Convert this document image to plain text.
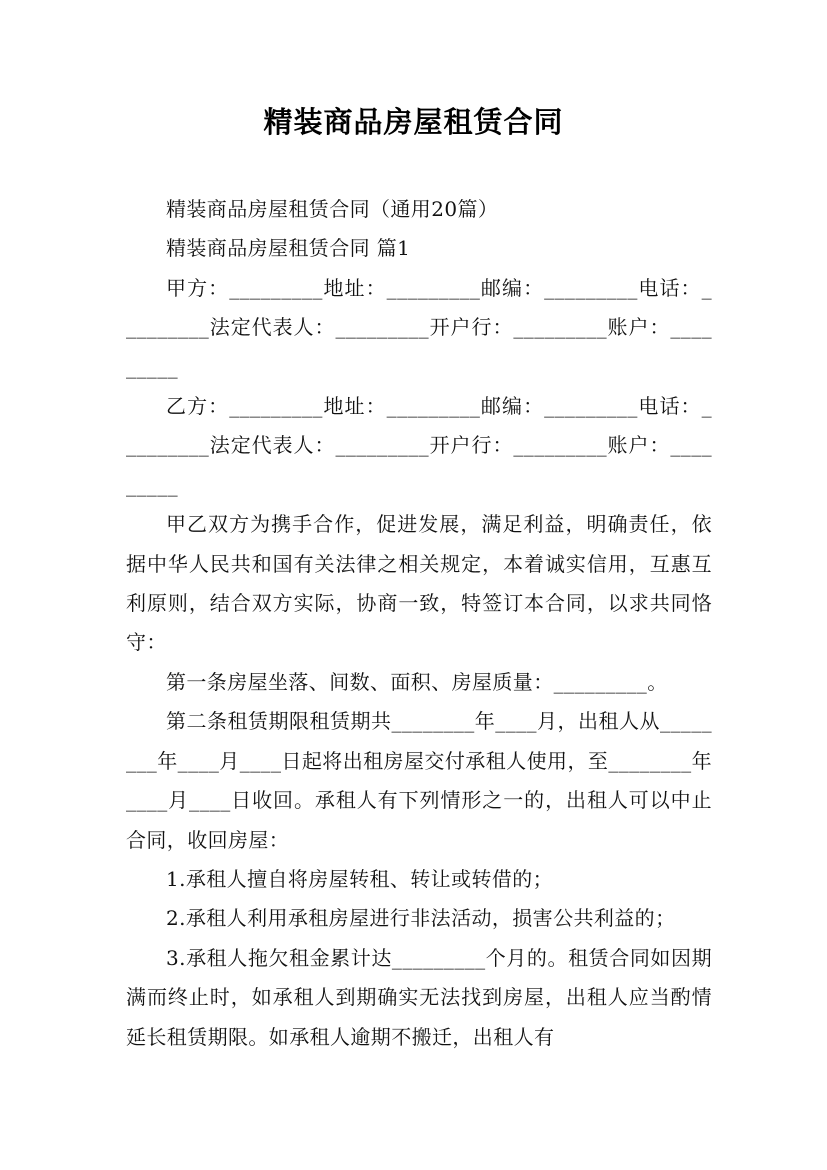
精装商品房屋租赁合同

精装商品房屋租赁合同（通用20篇）

精装商品房屋租赁合同 篇1

甲方：_________地址：_________邮编：_________电话：_________法定代表人：_________开户行：_________账户：_________

乙方：_________地址：_________邮编：_________电话：_________法定代表人：_________开户行：_________账户：_________

甲乙双方为携手合作，促进发展，满足利益，明确责任，依据中华人民共和国有关法律之相关规定，本着诚实信用，互惠互利原则，结合双方实际，协商一致，特签订本合同，以求共同恪守：

第一条房屋坐落、间数、面积、房屋质量：_________。

第二条租赁期限租赁期共________年____月，出租人从________年____月____日起将出租房屋交付承租人使用，至________年____月____日收回。承租人有下列情形之一的，出租人可以中止合同，收回房屋：

1.承租人擅自将房屋转租、转让或转借的；

2.承租人利用承租房屋进行非法活动，损害公共利益的；

3.承租人拖欠租金累计达_________个月的。租赁合同如因期满而终止时，如承租人到期确实无法找到房屋，出租人应当酌情延长租赁期限。如承租人逾期不搬迁，出租人有
